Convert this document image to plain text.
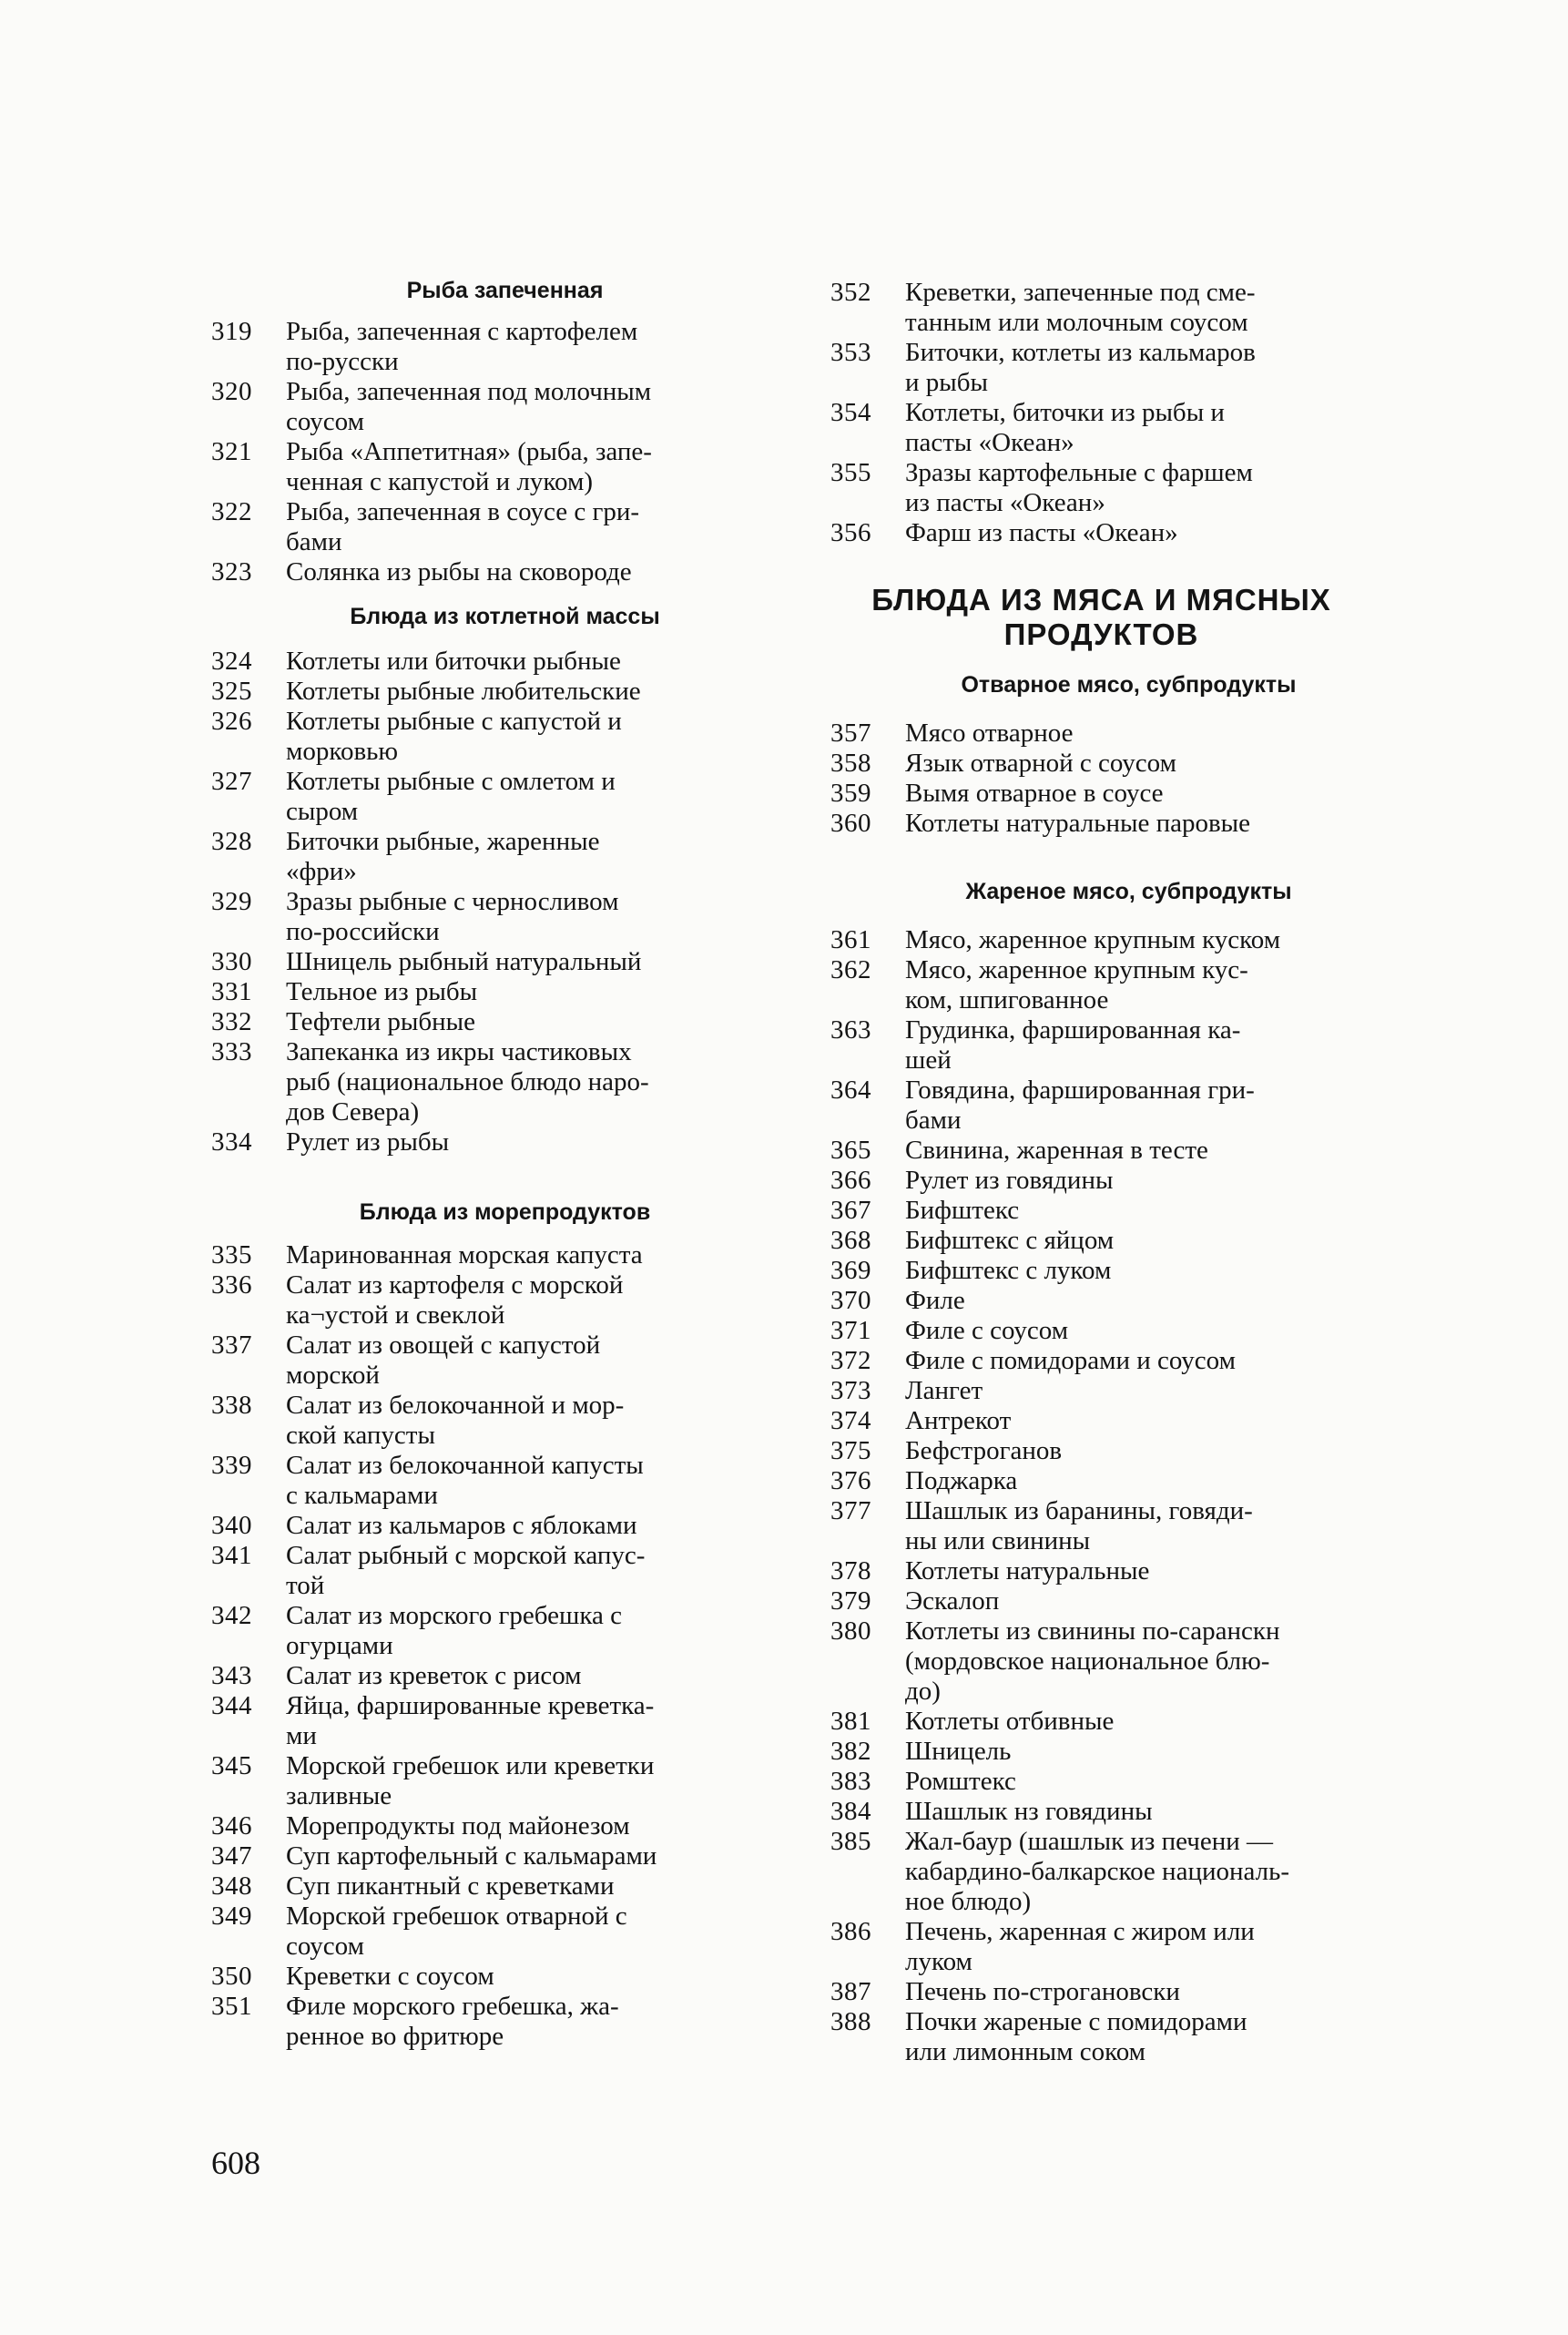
Рыба запеченная
319	Рыба, запеченная с картофелем
по-русски
320	Рыба, запеченная под молочным
соусом
321	Рыба «Аппетитная» (рыба, запе-
ченная с капустой и луком)
322	Рыба, запеченная в соусе с гри-
бами
323	Солянка из рыбы на сковороде
Блюда из котлетной массы
324	Котлеты или биточки рыбные
325	Котлеты рыбные любительские
326	Котлеты рыбные с капустой и
морковью
327	Котлеты рыбные с омлетом и
сыром
328	Биточки рыбные, жаренные
«фри»
329	Зразы рыбные с черносливом
по-российски
330	Шницель рыбный натуральный
331	Тельное из рыбы
332	Тефтели рыбные
333	Запеканка из икры частиковых
рыб (национальное блюдо наро-
дов Севера)
334	Рулет из рыбы
Блюда из морепродуктов
335	Маринованная морская капуста
336	Салат из картофеля с морской
ка¬устой и свеклой
337	Салат из овощей с капустой
морской
338	Салат из белокочанной и мор-
ской капусты
339	Салат из белокочанной капусты
с кальмарами
340	Салат из кальмаров с яблоками
341	Салат рыбный с морской капус-
той
342	Салат из морского гребешка с
огурцами
343	Салат из креветок с рисом
344	Яйца, фаршированные креветка-
ми
345	Морской гребешок или креветки
заливные
346	Морепродукты под майонезом
347	Суп картофельный с кальмарами
348	Суп пикантный с креветками
349	Морской гребешок отварной с
соусом
350	Креветки с соусом
351	Филе морского гребешка, жа-
ренное во фритюре
352	Креветки, запеченные под сме-
танным или молочным соусом
353	Биточки, котлеты из кальмаров
и рыбы
354	Котлеты, биточки из рыбы и
пасты «Океан»
355	Зразы картофельные с фаршем
из пасты «Океан»
356	Фарш из пасты «Океан»
БЛЮДА ИЗ МЯСА И МЯСНЫХ
ПРОДУКТОВ
Отварное мясо, субпродукты
357	Мясо отварное
358	Язык отварной с соусом
359	Вымя отварное в соусе
360	Котлеты натуральные паровые
Жареное мясо, субпродукты
361	Мясо, жаренное крупным куском
362	Мясо, жаренное крупным кус-
ком, шпигованное
363	Грудинка, фаршированная ка-
шей
364	Говядина, фаршированная гри-
бами
365	Свинина, жаренная в тесте
366	Рулет из говядины
367	Бифштекс
368	Бифштекс с яйцом
369	Бифштекс с луком
370	Филе
371	Филе с соусом
372	Филе с помидорами и соусом
373	Лангет
374	Антрекот
375	Бефстроганов
376	Поджарка
377	Шашлык из баранины, говяди-
ны или свинины
378	Котлеты натуральные
379	Эскалоп
380	Котлеты из свинины по-саранскн
(мордовское национальное блю-
до)
381	Котлеты отбивные
382	Шницель
383	Ромштекс
384	Шашлык нз говядины
385	Жал-баур (шашлык из печени —
кабардино-балкарское националь-
ное блюдо)
386	Печень, жаренная с жиром или
луком
387	Печень по-строгановски
388	Почки жареные с помидорами
или лимонным соком
608
